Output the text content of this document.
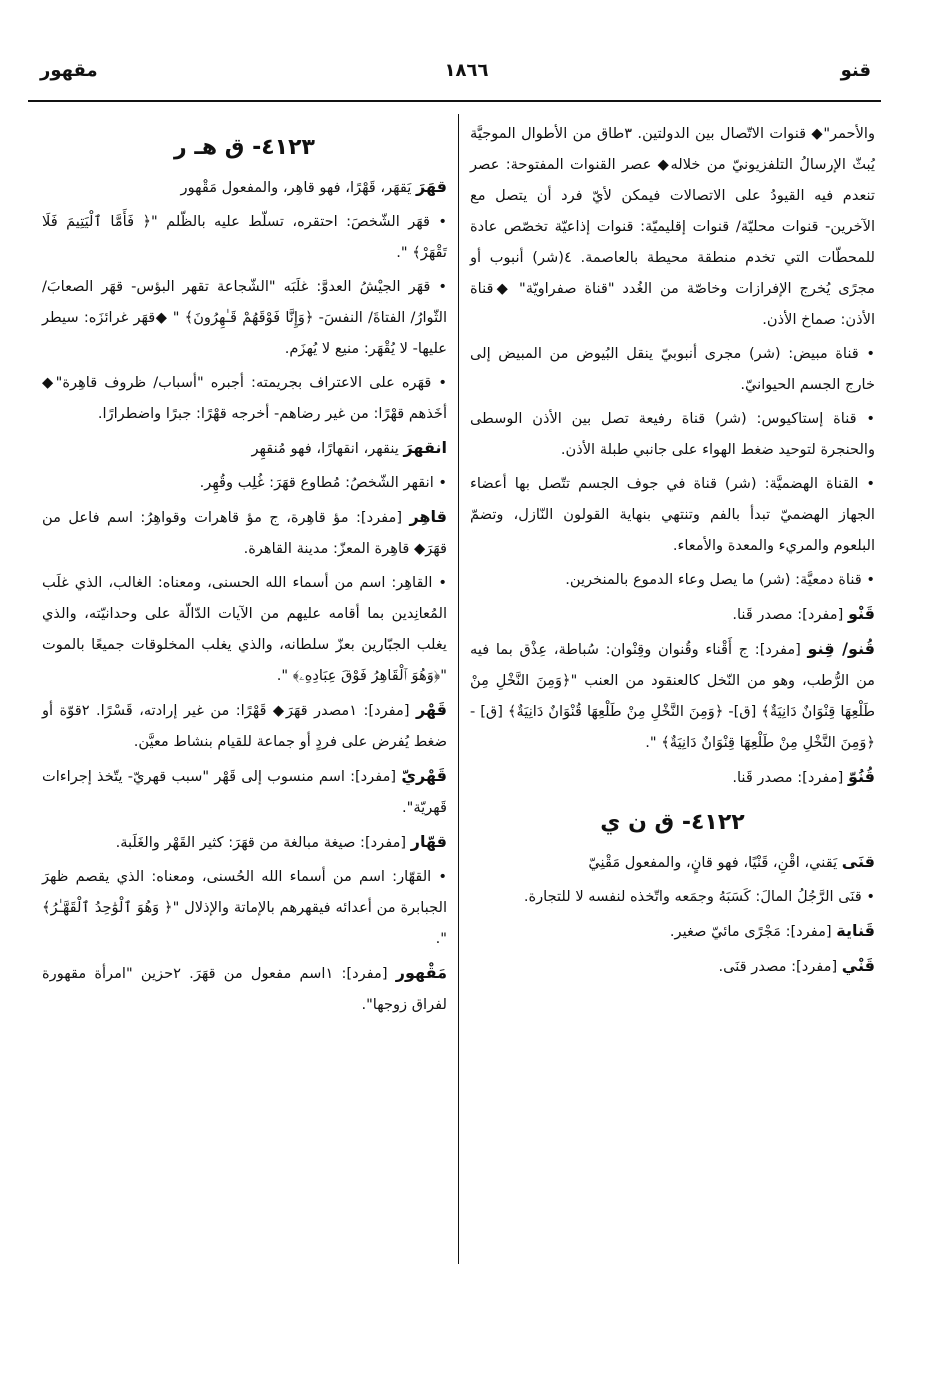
قنو
١٨٦٦
مقهور
والأحمر"◆ قنوات الاتّصال بين الدولتين. ٣طاق من الأطوال الموجيَّة يُبثّ الإرسالُ التلفزيونيّ من خلاله◆ عصر القنوات المفتوحة: عصر تنعدم فيه القيودُ على الاتصالات فيمكن لأيّ فرد أن يتصل مع الآخرين- قنوات محليّة/ قنوات إقليميّة: قنوات إذاعيّة تخصّص عادة للمحطّات التي تخدم منطقة محيطة بالعاصمة. ٤(شر) أنبوب أو مجرًى يُخرج الإفرازات وخاصّة من الغُدد "قناة صفراويّة" ◆قناة الأذن: صماخ الأذن.
• قناة مبيض: (شر) مجرى أنبوبيّ ينقل البُيوض من المبيض إلى خارج الجسم الحيوانيّ.
• قناة إستاكيوس: (شر) قناة رفيعة تصل بين الأذن الوسطى والحنجرة لتوحيد ضغط الهواء على جانبي طبلة الأذن.
• القناة الهضميَّة: (شر) قناة في جوف الجسم تتّصل بها أعضاء الجهاز الهضميّ تبدأ بالفم وتنتهي بنهاية القولون النّازل، وتضمّ البلعوم والمريء والمعدة والأمعاء.
• قناة دمعيَّة: (شر) ما يصل وعاء الدموع بالمنخرين.
قَنْو [مفرد]: مصدر قَنا.
قُنو/ قِنو [مفرد]: ج أَقْناء وقُنوان وقِنْوان: سُباطة، عِذْق بما فيه من الرُّطب، وهو من النّخل كالعنقود من العنب "﴿وَمِنَ النَّخْلِ مِنْ طَلْعِهَا قِنْوَانٌ دَانِيَةٌ﴾ [ق]- ﴿وَمِنَ النَّخْلِ مِنْ طَلْعِهَا قُنْوَانٌ دَانِيَةٌ﴾ [ق] - ﴿وَمِنَ النَّخْلِ مِنْ طَلْعِهَا قِنْوَانٌ دَانِيَةٌ﴾ ".
قُنُوّ [مفرد]: مصدر قَنا.
٤١٢٢- ق ن ي
قنَى يَقني، اقْنِ، قَنْيًا، فهو قانٍ، والمفعول مَقْنِيّ
• قنَى الرَّجُلُ المالَ: كَسَبَهُ وجمَعه واتّخذه لنفسه لا للتجارة.
قَناية [مفرد]: مَجْرًى مائيّ صغير.
قَنْي [مفرد]: مصدر قنَى.
٤١٢٣- ق هـ ر
قهَرَ يَقهَر، قَهْرًا، فهو قاهِر، والمفعول مَقْهور
• قهَر الشّخصَ: احتقره، تسلّط عليه بالظّلم "﴿ فَأَمَّا ٱلْيَتِيمَ فَلَا تَقْهَرْ﴾ ".
• قهَر الجيْشُ العدوَّ: غلَبَه "الشّجاعة تقهر البؤس- قهَر الصعابَ/ الثّوارُ/ الفتاةَ/ النفسَ- ﴿وَإِنَّا فَوْقَهُمْ قَـٰهِرُونَ﴾ " ◆قهَر غرائزَه: سيطر عليها- لا يُقْهَر: منيع لا يُهزَم.
• قهَره على الاعتراف بجريمته: أجبره "أسباب/ ظروف قاهِرة"◆ أخَذهم قهْرًا: من غير رضاهم- أخرجه قهْرًا: جبرًا واضطرارًا.
انقهرَ ينقهر، انقهارًا، فهو مُنقهِر
• انقهر الشّخصُ: مُطاوع قهَرَ: غُلِب وقُهِر.
قاهِر [مفرد]: مؤ قاهِرة، ج مؤ قاهرات وقواهِرُ: اسم فاعل من قهَرَ◆ قاهِرة المعزّ: مدينة القاهرة.
• القاهِر: اسم من أسماء الله الحسنى، ومعناه: الغالب، الذي غلَب المُعانِدين بما أقامه عليهم من الآيات الدّالّة على وحدانيّته، والذي يغلب الجبّارين بعزّ سلطانه، والذي يغلب المخلوقات جميعًا بالموت "﴿وَهُوَ ٱلْقَاهِرُ فَوْقَ عِبَادِهِۦ﴾ ".
قَهْر [مفرد]: ١مصدر قهَرَ◆ قَهْرًا: من غير إرادته، قَسْرًا. ٢قوّة أو ضغط يُفرض على فردٍ أو جماعة للقيام بنشاط معيَّن.
قَهْريّ [مفرد]: اسم منسوب إلى قَهْر "سبب قهريّ- يتّخذ إجراءات قَهريّة".
قهّار [مفرد]: صيغة مبالغة من قهَرَ: كثير القَهْر والغَلَبة.
• القهّار: اسم من أسماء الله الحُسنى، ومعناه: الذي يقصم ظهرَ الجبابرة من أعدائه فيقهرهم بالإماتة والإذلال "﴿ وَهُوَ ٱلْوَٰحِدُ ٱلْقَهَّـٰرُ﴾ ".
مَقْهور [مفرد]: ١اسم مفعول من قهَرَ. ٢حزين "امرأة مقهورة لفراق زوجها".
